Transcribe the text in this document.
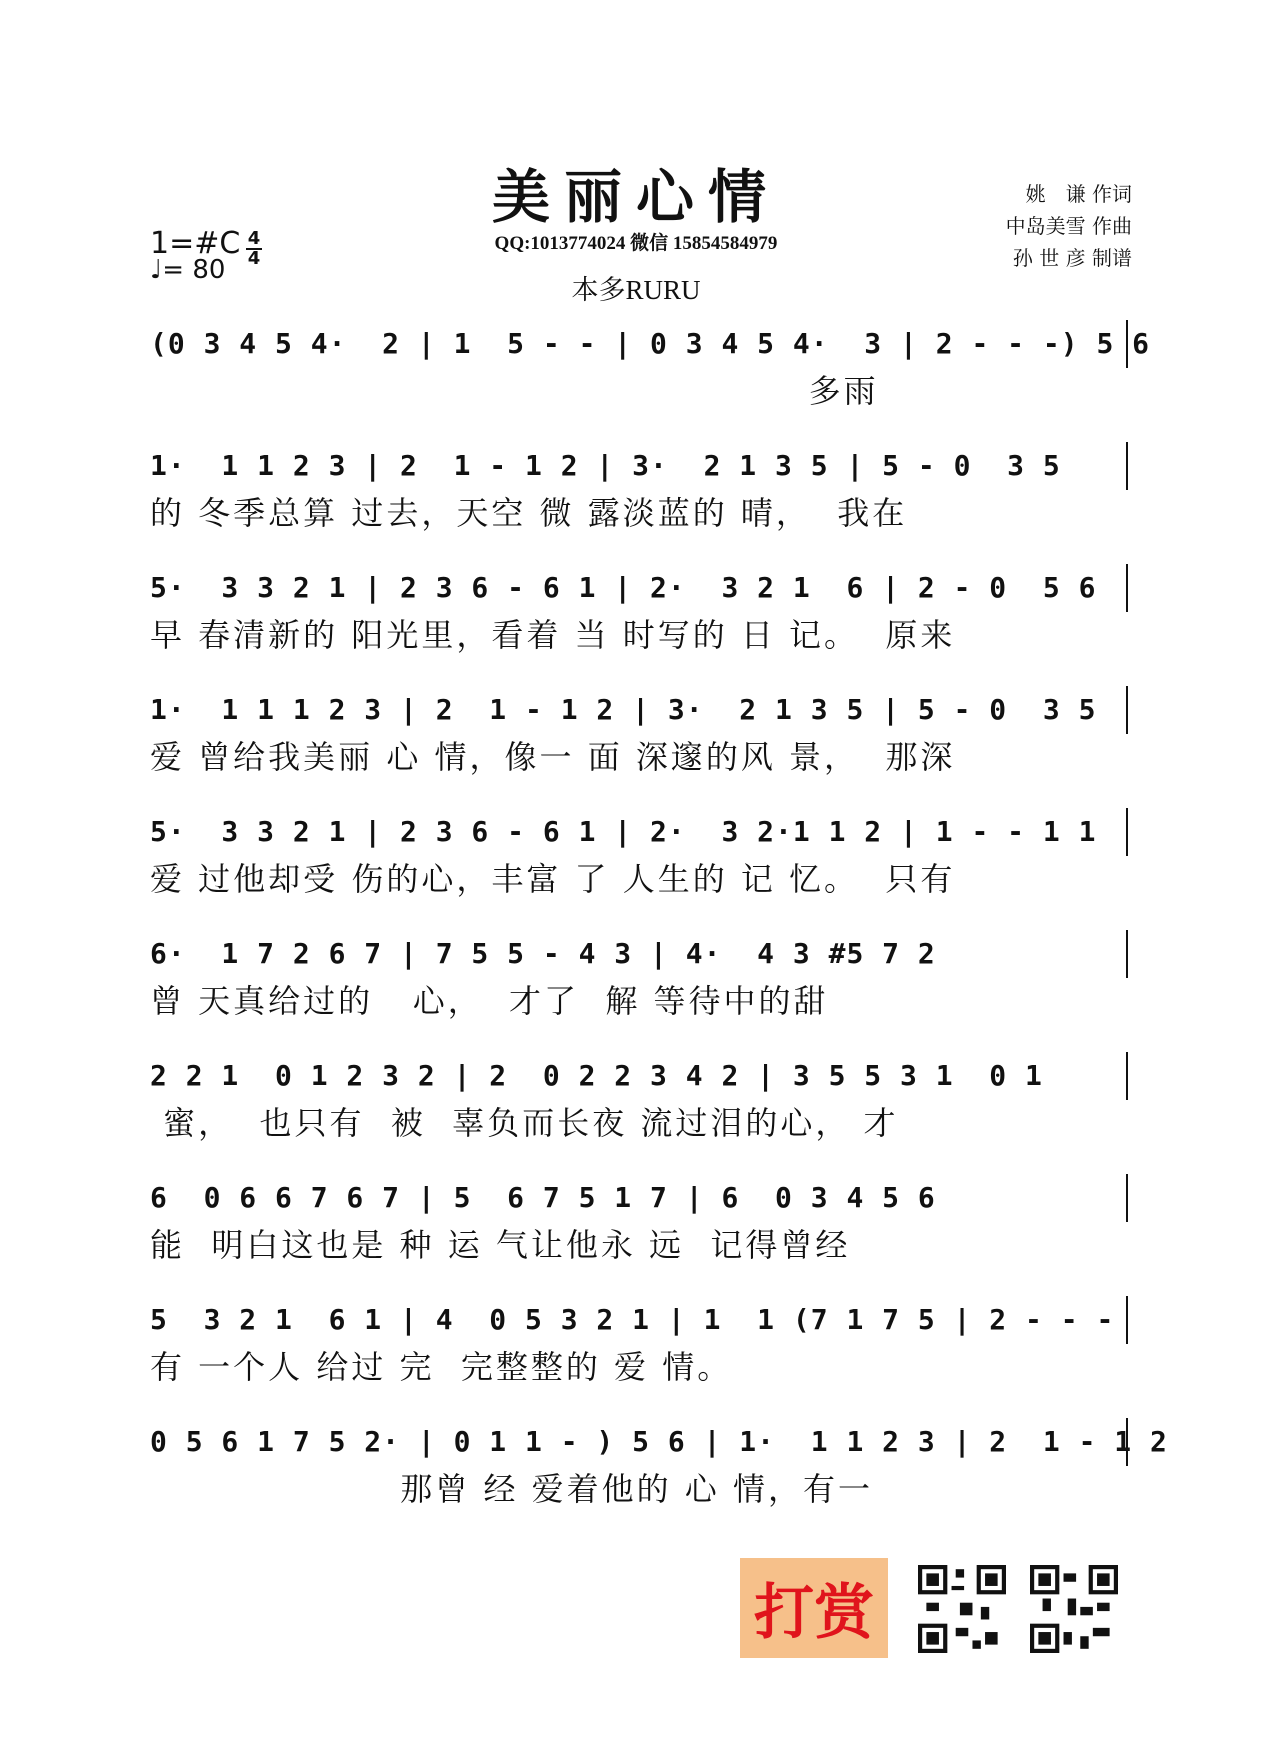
美丽心情
QQ:1013774024 微信 15854584979
本多RURU
姚　谦 作词
中岛美雪 作曲
孙 世 彦 制谱
1=#C 4
4
♩= 80
(0 3 4 5 4·  2 | 1  5 - - | 0 3 4 5 4·  3 | 2 - - -) 5 6
多雨
1·  1 1 2 3 | 2  1 - 1 2 | 3·  2 1 3 5 | 5 - 0  3 5
的 冬季总算 过去，天空 微 露淡蓝的 晴，  我在
5·  3 3 2 1 | 2 3 6 - 6 1 | 2·  3 2 1  6 | 2 - 0  5 6
早 春清新的 阳光里，看着 当 时写的 日 记。  原来
1·  1 1 1 2 3 | 2  1 - 1 2 | 3·  2 1 3 5 | 5 - 0  3 5
爱 曾给我美丽 心 情，像一 面 深邃的风 景，  那深
5·  3 3 2 1 | 2 3 6 - 6 1 | 2·  3 2·1 1 2 | 1 - - 1 1
爱 过他却受 伤的心，丰富 了 人生的 记 忆。  只有
6·  1 7 2 6 7 | 7 5 5 - 4 3 | 4·  4 3 #5 7 2
曾 天真给过的   心，  才了  解 等待中的甜
2 2 1  0 1 2 3 2 | 2  0 2 2 3 4 2 | 3 5 5 3 1  0 1
蜜，  也只有  被  辜负而长夜 流过泪的心， 才
6  0 6 6 7 6 7 | 5  6 7 5 1 7 | 6  0 3 4 5 6
能  明白这也是 种 运 气让他永 远  记得曾经
5  3 2 1  6 1 | 4  0 5 3 2 1 | 1  1 (7 1 7 5 | 2 - - -
有 一个人 给过 完  完整整的 爱 情。
0 5 6 1 7 5 2· | 0 1 1 - ) 5 6 | 1·  1 1 2 3 | 2  1 - 1 2
那曾 经 爱着他的 心 情，有一
打赏
